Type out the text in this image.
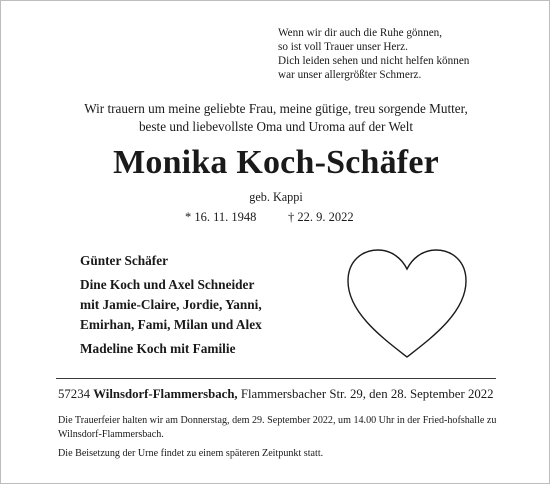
Wenn wir dir auch die Ruhe gönnen,
so ist voll Trauer unser Herz.
Dich leiden sehen und nicht helfen können
war unser allergrößter Schmerz.
Wir trauern um meine geliebte Frau, meine gütige, treu sorgende Mutter,
beste und liebevollste Oma und Uroma auf der Welt
Monika Koch-Schäfer
geb. Kappi
* 16. 11. 1948	† 22. 9. 2022
Günter Schäfer
Dine Koch und Axel Schneider
mit Jamie-Claire, Jordie, Yanni,
Emirhan, Fami, Milan und Alex
Madeline Koch mit Familie
57234 Wilnsdorf-Flammersbach, Flammersbacher Str. 29, den 28. September 2022

Die Trauerfeier halten wir am Donnerstag, dem 29. September 2022, um 14.00 Uhr in der Fried-hofshalle zu Wilnsdorf-Flammersbach.

Die Beisetzung der Urne findet zu einem späteren Zeitpunkt statt.
